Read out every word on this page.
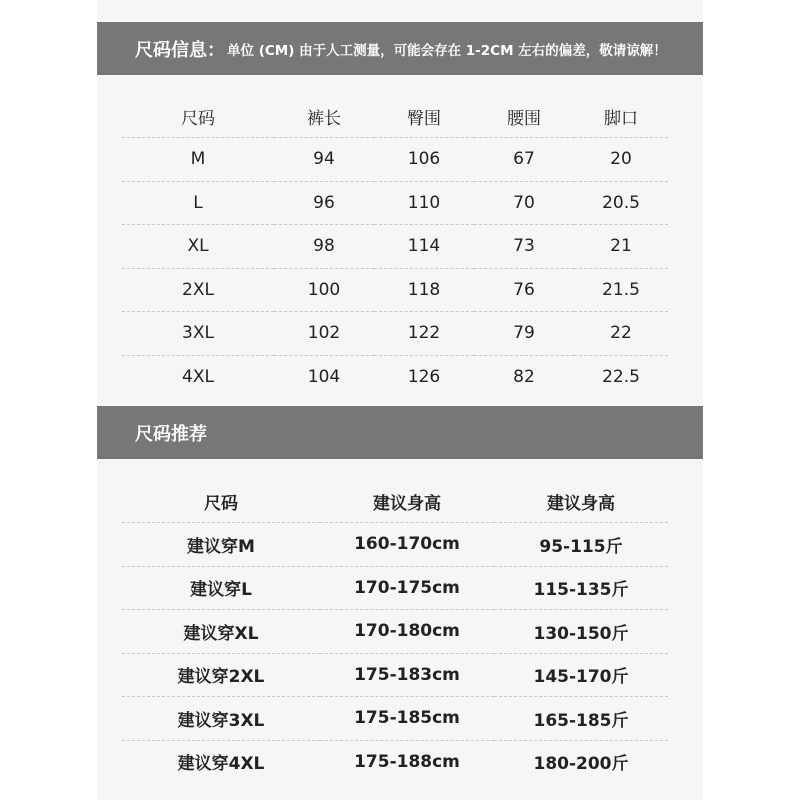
尺码信息： 单位 (CM) 由于人工测量，可能会存在 1-2CM 左右的偏差，敬请谅解！
尺码	裤长	臀围	腰围	脚口
M	94	106	67	20
L	96	110	70	20.5
XL	98	114	73	21
2XL	100	118	76	21.5
3XL	102	122	79	22
4XL	104	126	82	22.5
尺码推荐
尺码	建议身高	建议身高
建议穿M	160-170cm	95-115斤
建议穿L	170-175cm	115-135斤
建议穿XL	170-180cm	130-150斤
建议穿2XL	175-183cm	145-170斤
建议穿3XL	175-185cm	165-185斤
建议穿4XL	175-188cm	180-200斤
